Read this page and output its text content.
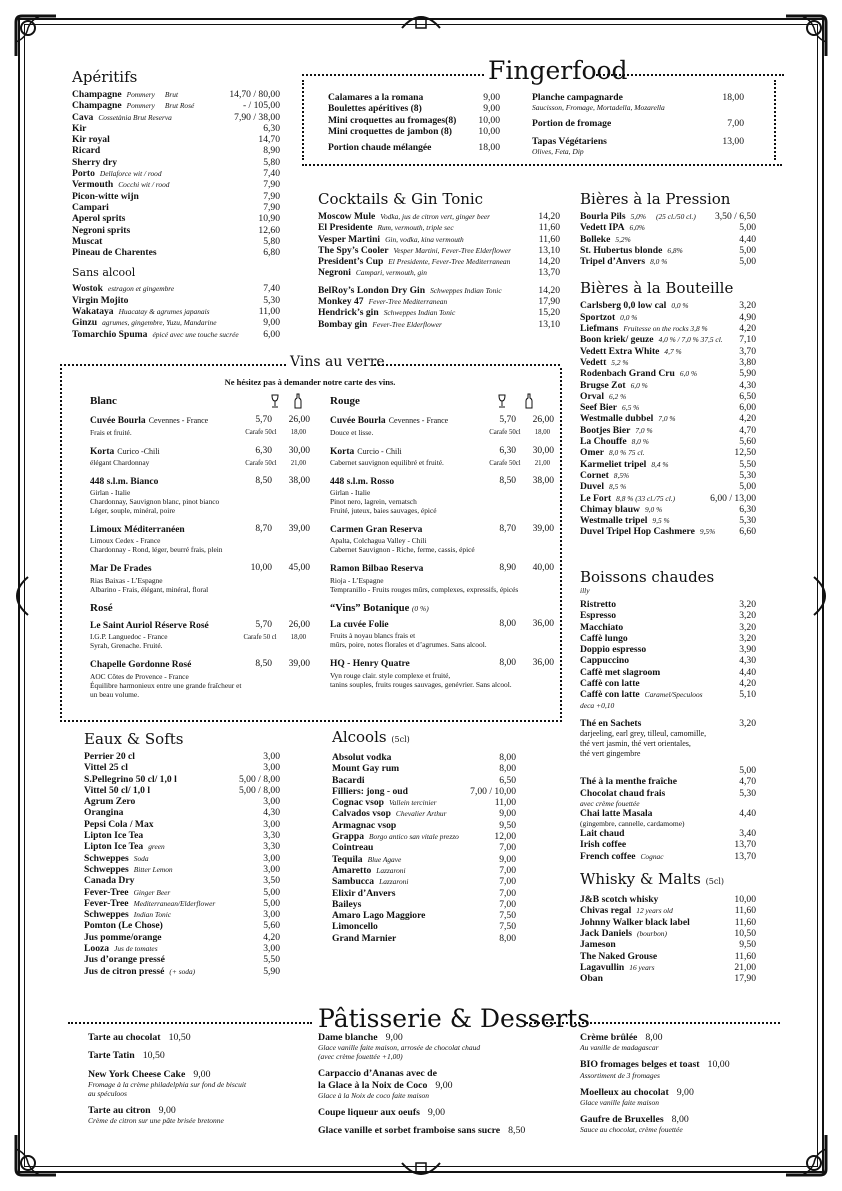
Apéritifs
Champagne Pommery Brut	14,70 / 80,00
Champagne Pommery Brut Rosé	- / 105,00
Cava Cossetània Brut Reserva	7,90 / 38,00
Kir	6,30
Kir royal	14,70
Ricard	8,90
Sherry dry	5,80
Porto Dellaforce wit / rood	7,40
Vermouth Cocchi wit / rood	7,90
Picon-witte wijn	7,90
Campari	7,90
Aperol sprits	10,90
Negroni sprits	12,60
Muscat	5,80
Pineau de Charentes	6,80
Sans alcool
Wostok estragon et gingembre	7,40
Virgin Mojito	5,30
Wakataya Huacatay & agrumes japanais	11,00
Ginzu agrumes, gingembre, Yuzu, Mandarine	9,00
Tomarchio Spuma épicé avec une touche sucrée	6,00
Fingerfood
Calamares a la romana	9,00
Boulettes apéritives (8)	9,00
Mini croquettes au fromages(8) 10,00
Mini croquettes de jambon (8)	10,00
Portion chaude mélangée	18,00
Planche campagnarde	18,00
Saucisson, Fromage, Mortadella, Mozarella
Portion de fromage	7,00
Tapas Végétariens	13,00
Olives, Feta, Dip
Cocktails & Gin Tonic
Moscow Mule Vodka, jus de citron vert, ginger beer	14,20
El Presidente Rum, vermouth, triple sec	11,60
Vesper Martini Gin, vodka, kina vermouth	11,60
The Spy’s Cooler Vesper Martini, Fever-Tree Elderflower	13,10
President’s Cup El Presidente, Fever-Tree Mediterranean	14,20
Negroni Campari, vermouth, gin	13,70
BelRoy’s London Dry Gin Schweppes Indian Tonic	14,20
Monkey 47 Fever-Tree Mediterranean	17,90
Hendrick’s gin Schweppes Indian Tonic	15,20
Bombay gin Fever-Tree Elderflower	13,10
Bières à la Pression
Bourla Pils 5,0% (25 cl./50 cl.) 3,50 / 6,50
Vedett IPA 6,0%	5,00
Bolleke 5,2%	4,40
St. Hubertus blonde 6,8%	5,00
Tripel d’Anvers 8,0 %	5,00
Bières à la Bouteille
Carlsberg 0,0 low cal 0,0 %	3,20
Sportzot 0,0 %	4,90
Liefmans Fruitesse on the rocks 3,8 %	4,20
Boon kriek/ geuze 4,0 % / 7,0 % 37,5 cl. 7,10
Vedett Extra White 4,7 %	3,70
Vedett 5,2 %	3,80
Rodenbach Grand Cru 6,0 %	5,90
Brugse Zot 6,0 %	4,30
Orval 6,2 %	6,50
Seef Bier 6,5 %	6,00
Westmalle dubbel 7,0 %	4,20
Bootjes Bier 7,0 %	4,70
La Chouffe 8,0 %	5,60
Omer 8,0 % 75 cl.	12,50
Karmeliet tripel 8,4 %	5,50
Cornet 8,5%	5,30
Duvel 8,5 %	5,00
Le Fort 8,8 % (33 cl./75 cl.)	6,00 / 13,00
Chimay blauw 9,0 %	6,30
Westmalle tripel 9,5 %	5,30
Duvel Tripel Hop Cashmere 9,5% 6,60
Vins au verre
Ne hésitez pas à demander notre carte des vins.
Blanc
Cuvée Bourla Cevennes - France
Frais et fruité.
5,70 26,00
Carafe 50cl 18,00
Korta Curico -Chili
élégant Chardonnay
6,30 30,00
Carafe 50cl 21,00
448 s.l.m. Bianco
Girlan - Italie
Chardonnay, Sauvignon blanc, pinot bianco
Léger, souple, minéral, poire
8,50 38,00
Limoux Méditerranéen
Limoux Cedex - France
Chardonnay - Rond, léger, beurré frais, plein
8,70 39,00
Mar De Frades
Rias Baixas - L’Espagne
Albarino - Frais, élégant, minéral, floral
10,00 45,00
Rosé
Le Saint Auriol Réserve Rosé
I.G.P. Languedoc - France
Syrah, Grenache. Fruité.
5,70 26,00
Carafe 50 cl 18,00
Chapelle Gordonne Rosé
AOC Côtes de Provence - France
Équilibre harmonieux entre une grande fraîcheur et
un beau volume.
8,50 39,00
Rouge
Cuvée Bourla Cevennes - France
Douce et lisse.
5,70 26,00
Carafe 50cl 18,00
Korta Curcio - Chili
Cabernet sauvignon equilibré et fruité.
6,30 30,00
Carafe 50cl 21,00
448 s.l.m. Rosso
Girlan - Italie
Pinot nero, lagrein, vernatsch
Fruité, juteux, baies sauvages, épicé
8,50 38,00
Carmen Gran Reserva
Apalta, Colchagua Valley - Chili
Cabernet Sauvignon - Riche, ferme, cassis, épicé
8,70 39,00
Ramon Bilbao Reserva
Rioja - L’Espagne
Tempranillo - Fruits rouges mûrs, complexes, expressifs, épicés
8,90 40,00
“Vins” Botanique (0 %)
La cuvée Folie
Fruits à noyau blancs frais et
mûrs, poire, notes florales et d’agrumes. Sans alcool.
8,00 36,00
HQ - Henry Quatre
Vyn rouge clair. style complexe et fruité,
tanins souples, fruits rouges sauvages, genévrier. Sans alcool.
8,00 36,00
Boissons chaudes
illy
Ristretto	3,20
Espresso	3,20
Macchiato	3,20
Caffè lungo	3,20
Doppio espresso	3,90
Cappuccino	4,30
Caffè met slagroom	4,40
Caffè con latte	4,20
Caffè con latte Caramel/Speculoos	5,10
deca +0,10
Thé en Sachets	3,20
darjeeling, earl grey, tilleul, camomille,
thé vert jasmin, thé vert orientales,
thé vert gingembre
5,00
Thé à la menthe fraîche	4,70
Chocolat chaud frais	5,30
avec crème fouettée
Chai latte Masala	4,40
(gingembre, cannelle, cardamome)
Lait chaud	3,40
Irish coffee	13,70
French coffee Cognac	13,70
Whisky & Malts (5cl)
J&B scotch whisky	10,00
Chivas regal 12 years old	11,60
Johnny Walker black label	11,60
Jack Daniels (bourbon)	10,50
Jameson	9,50
The Naked Grouse	11,60
Lagavullin 16 years	21,00
Oban	17,90
Eaux & Softs
Perrier 20 cl	3,00
Vittel 25 cl	3,00
S.Pellegrino 50 cl/ 1,0 l	5,00 / 8,00
Vittel 50 cl/ 1,0 l	5,00 / 8,00
Agrum Zero	3,00
Orangina	4,30
Pepsi Cola / Max	3,00
Lipton Ice Tea	3,30
Lipton Ice Tea green	3,30
Schweppes Soda	3,00
Schweppes Bitter Lemon	3,00
Canada Dry	3,50
Fever-Tree Ginger Beer	5,00
Fever-Tree Mediterranean/Elderflower	5,00
Schweppes Indian Tonic	3,00
Pomton (Le Chose)	5,60
Jus pomme/orange	4,20
Looza Jus de tomates	3,00
Jus d’orange pressé	5,50
Jus de citron pressé (+ soda)	5,90
Alcools (5cl)
Absolut vodka	8,00
Mount Gay rum	8,00
Bacardi	6,50
Filliers: jong - oud	7,00 / 10,00
Cognac vsop Vallein tercinier	11,00
Calvados vsop Chevalier Arthur	9,00
Armagnac vsop	9,50
Grappa Borgo antico san vitale prezzo	12,00
Cointreau	7,00
Tequila Blue Agave	9,00
Amaretto Lazzaroni	7,00
Sambucca Lazzaroni	7,00
Elixir d’Anvers	7,00
Baileys	7,00
Amaro Lago Maggiore	7,50
Limoncello	7,50
Grand Marnier	8,00
Pâtisserie & Desserts
Tarte au chocolat 10,50
Tarte Tatin 10,50
New York Cheese Cake 9,00
Fromage à la crème philadelphia sur fond de biscuit
au spéculoos
Tarte au citron 9,00
Crème de citron sur une pâte brisée bretonne
Dame blanche 9,00
Glace vanille faite maison, arrosée de chocolat chaud
(avec crème fouettée +1,00)
Carpaccio d’Ananas avec de
la Glace à la Noix de Coco 9,00
Glace à la Noix de coco faite maison
Coupe liqueur aux oeufs 9,00
Glace vanille et sorbet framboise sans sucre 8,50
Crème brûlée 8,00
Au vanille de madagascar
BIO fromages belges et toast 10,00
Assortiment de 3 fromages
Moelleux au chocolat 9,00
Glace vanille faite maison
Gaufre de Bruxelles 8,00
Sauce au chocolat, crème fouettée
